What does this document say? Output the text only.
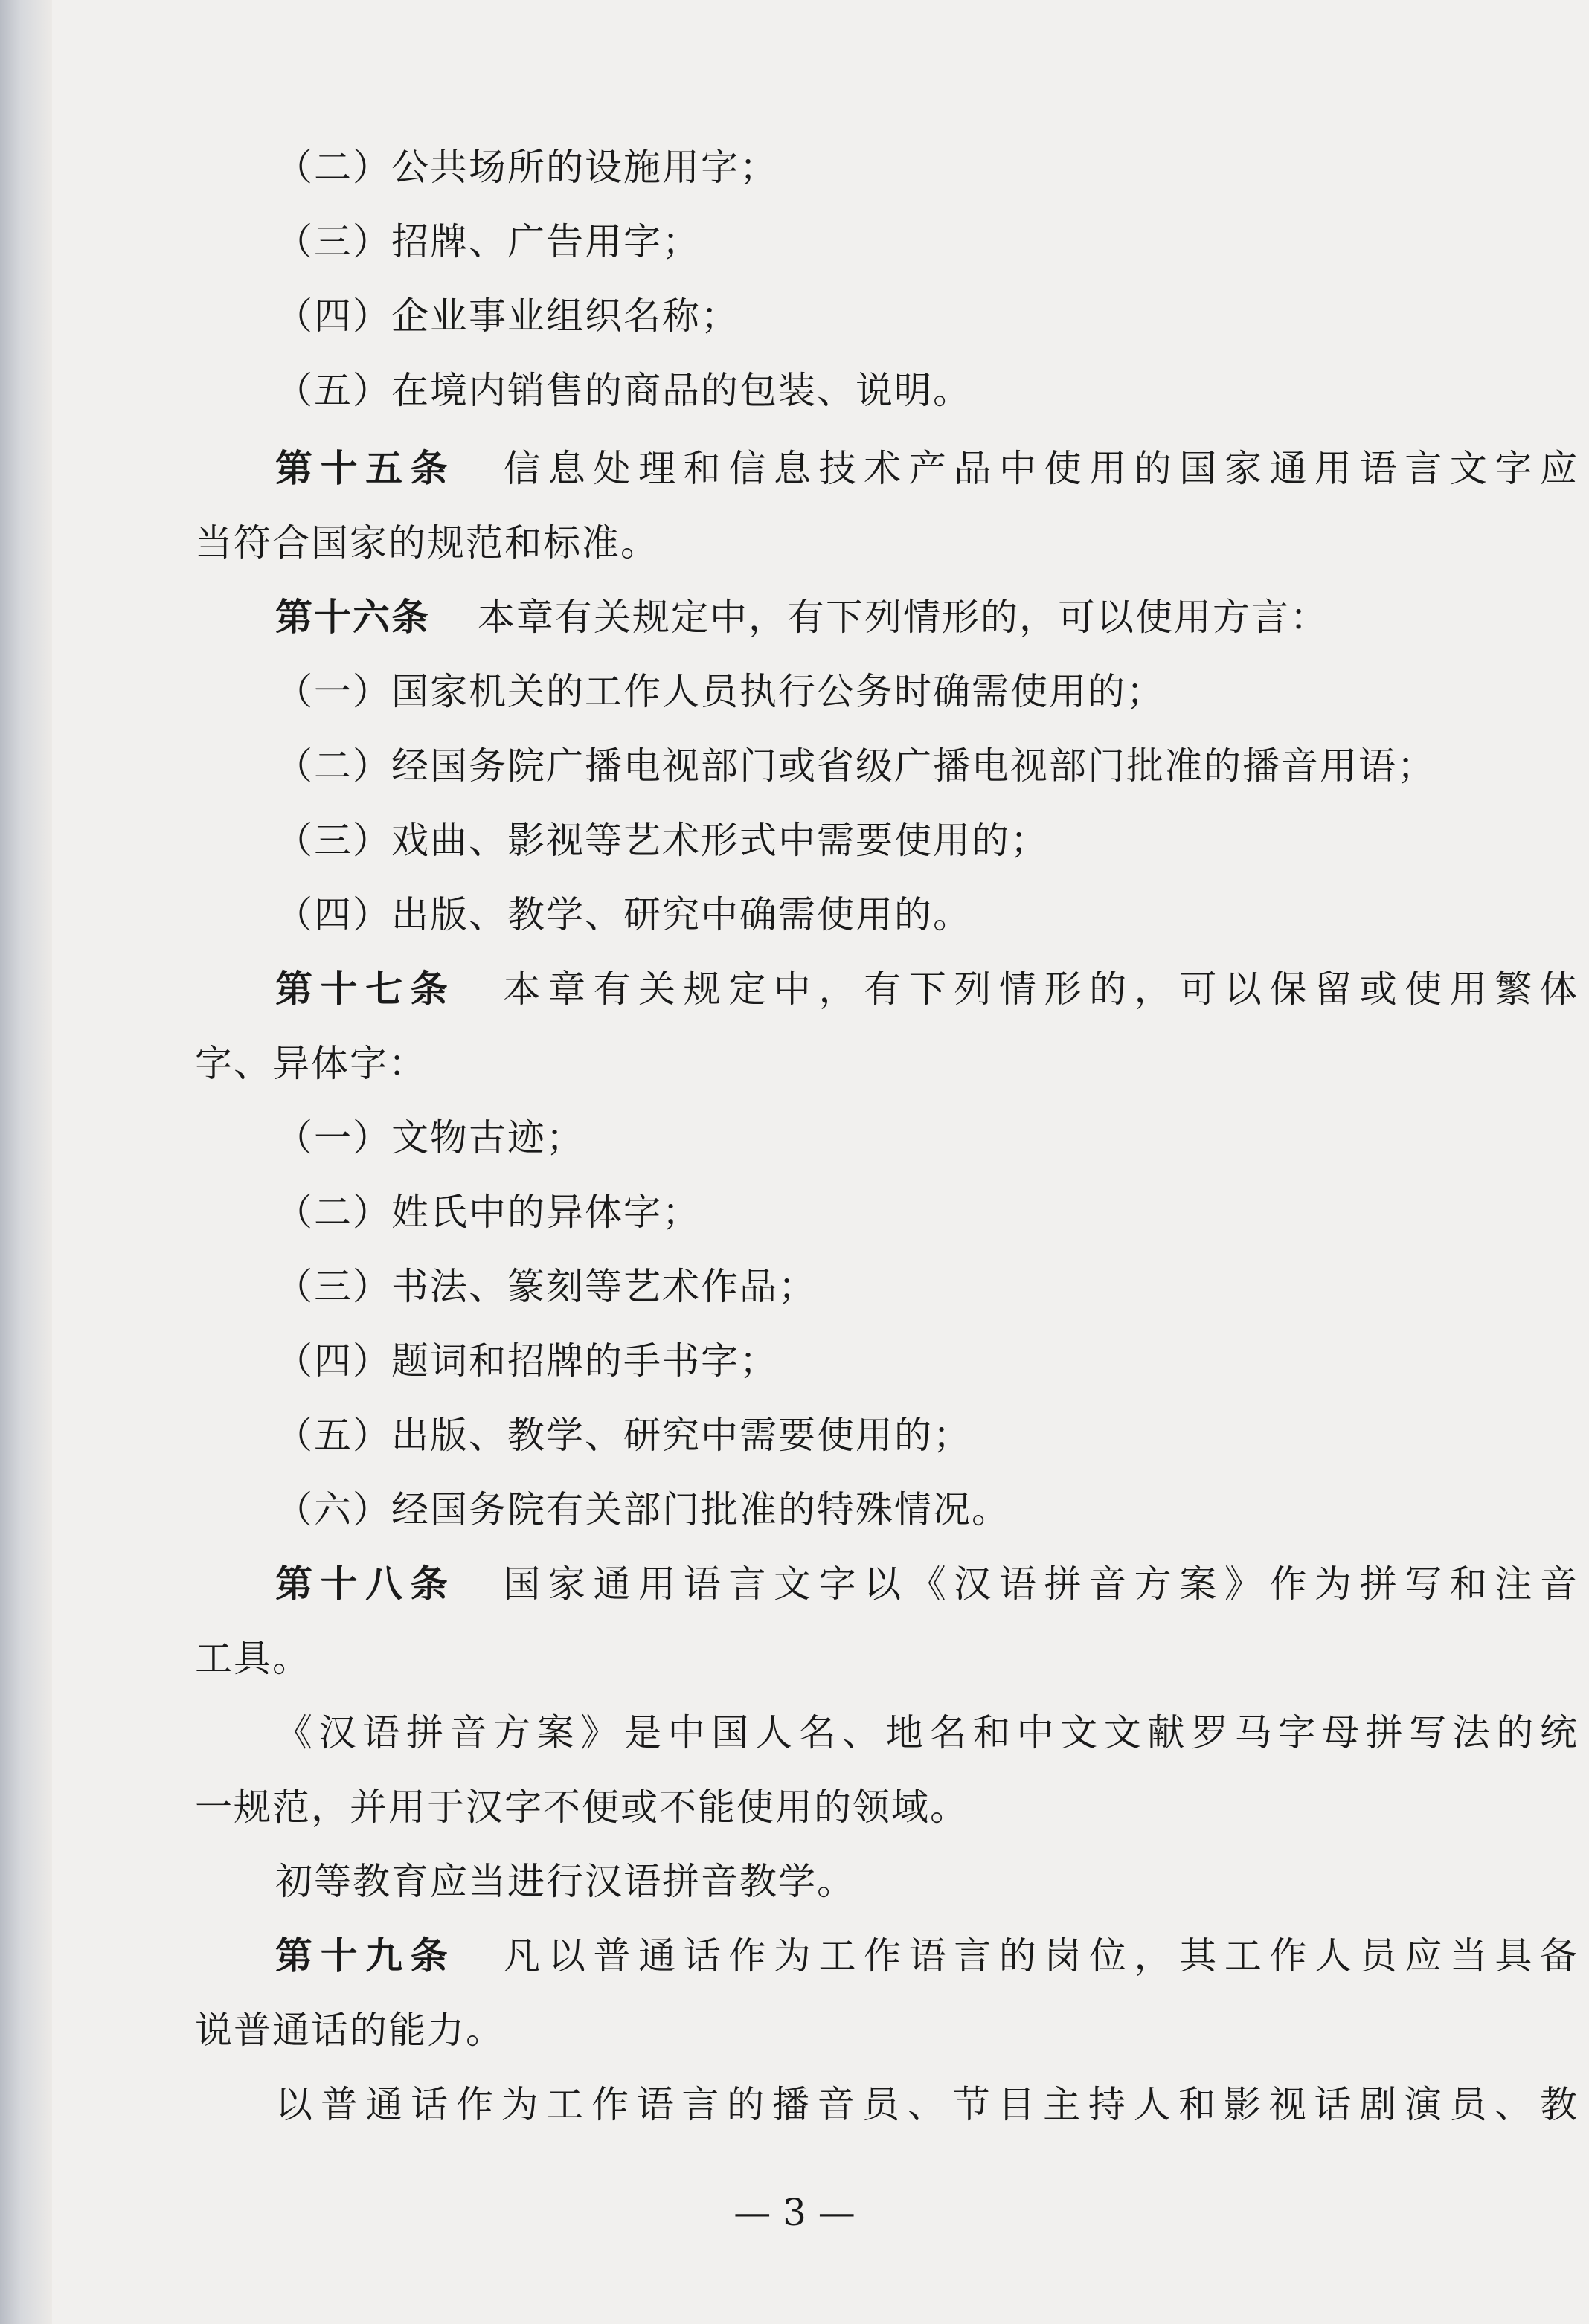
（二）公共场所的设施用字；
（三）招牌、广告用字；
（四）企业事业组织名称；
（五）在境内销售的商品的包装、说明。
第十五条 信息处理和信息技术产品中使用的国家通用语言文字应
当符合国家的规范和标准。
第十六条 本章有关规定中，有下列情形的，可以使用方言：
（一）国家机关的工作人员执行公务时确需使用的；
（二）经国务院广播电视部门或省级广播电视部门批准的播音用语；
（三）戏曲、影视等艺术形式中需要使用的；
（四）出版、教学、研究中确需使用的。
第十七条 本章有关规定中，有下列情形的，可以保留或使用繁体
字、异体字：
（一）文物古迹；
（二）姓氏中的异体字；
（三）书法、篆刻等艺术作品；
（四）题词和招牌的手书字；
（五）出版、教学、研究中需要使用的；
（六）经国务院有关部门批准的特殊情况。
第十八条 国家通用语言文字以《汉语拼音方案》作为拼写和注音
工具。
《汉语拼音方案》是中国人名、地名和中文文献罗马字母拼写法的统
一规范，并用于汉字不便或不能使用的领域。
初等教育应当进行汉语拼音教学。
第十九条 凡以普通话作为工作语言的岗位，其工作人员应当具备
说普通话的能力。
以普通话作为工作语言的播音员、节目主持人和影视话剧演员、教
— 3 —
